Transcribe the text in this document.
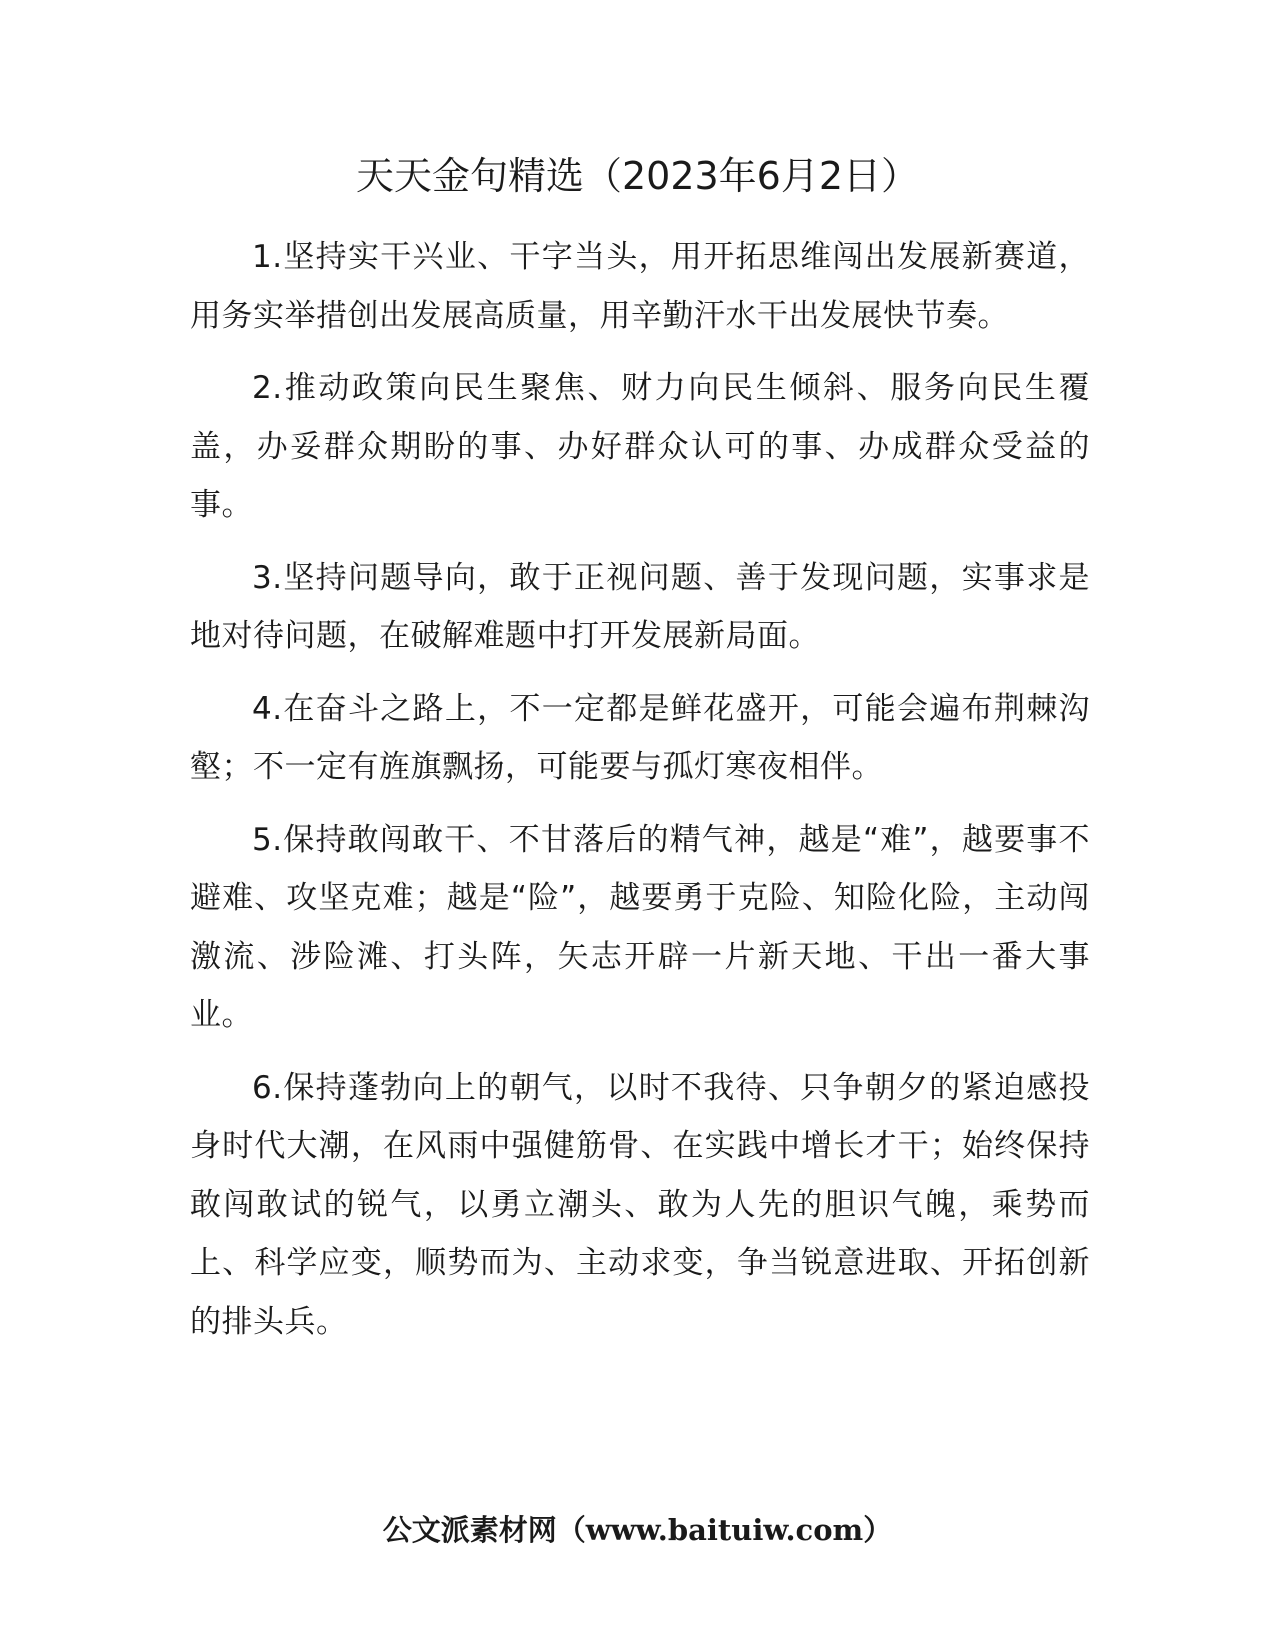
天天金句精选（2023年6月2日）

1.坚持实干兴业、干字当头，用开拓思维闯出发展新赛道，用务实举措创出发展高质量，用辛勤汗水干出发展快节奏。

2.推动政策向民生聚焦、财力向民生倾斜、服务向民生覆盖，办妥群众期盼的事、办好群众认可的事、办成群众受益的事。

3.坚持问题导向，敢于正视问题、善于发现问题，实事求是地对待问题，在破解难题中打开发展新局面。

4.在奋斗之路上，不一定都是鲜花盛开，可能会遍布荆棘沟壑；不一定有旌旗飘扬，可能要与孤灯寒夜相伴。

5.保持敢闯敢干、不甘落后的精气神，越是“难”，越要事不避难、攻坚克难；越是“险”，越要勇于克险、知险化险，主动闯激流、涉险滩、打头阵，矢志开辟一片新天地、干出一番大事业。

6.保持蓬勃向上的朝气，以时不我待、只争朝夕的紧迫感投身时代大潮，在风雨中强健筋骨、在实践中增长才干；始终保持敢闯敢试的锐气，以勇立潮头、敢为人先的胆识气魄，乘势而上、科学应变，顺势而为、主动求变，争当锐意进取、开拓创新的排头兵。

公文派素材网（www.baituiw.com）
